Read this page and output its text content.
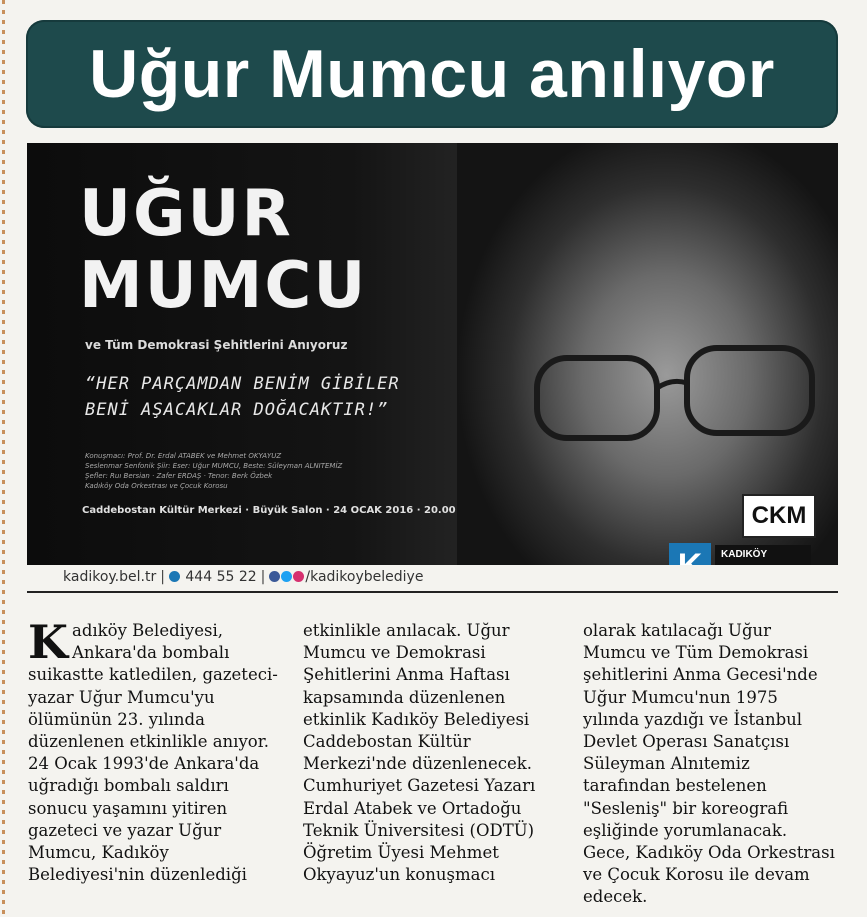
Uğur Mumcu anılıyor
UĞUR
MUMCU
ve Tüm Demokrasi Şehitlerini Anıyoruz
“HER PARÇAMDAN BENİM GİBİLER
BENİ AŞACAKLAR DOĞACAKTIR!”
Konuşmacı: Prof. Dr. Erdal ATABEK ve Mehmet OKYAYUZ
Seslenmar Senfonik Şiir: Eser: Uğur MUMCU, Beste: Süleyman ALNITEMİZ
Şefler: Ruı Bersian · Zafer ERDAŞ · Tenor: Berk Özbek
Kadıköy Oda Orkestrası ve Çocuk Korosu
Caddebostan Kültür Merkezi · Büyük Salon · 24 OCAK 2016 · 20.00	CKM
KADIKÖY
kadikoy.bel.tr | 444 55 22 |	/kadikoybelediye
Kadıköy Belediyesi, Ankara'da bombalı suikastte katledilen, gazeteci-yazar Uğur Mumcu'yu ölümünün 23. yılında düzenlenen etkinlikle anıyor. 24 Ocak 1993'de Ankara'da uğradığı bombalı saldırı sonucu yaşamını yitiren gazeteci ve yazar Uğur Mumcu, Kadıköy Belediyesi'nin düzenlediği
etkinlikle anılacak. Uğur Mumcu ve Demokrasi Şehitlerini Anma Haftası kapsamında düzenlenen etkinlik Kadıköy Belediyesi Caddebostan Kültür Merkezi'nde düzenlenecek. Cumhuriyet Gazetesi Yazarı Erdal Atabek ve Ortadoğu Teknik Üniversitesi (ODTÜ) Öğretim Üyesi Mehmet Okyayuz'un konuşmacı
olarak katılacağı Uğur Mumcu ve Tüm Demokrasi şehitlerini Anma Gecesi'nde Uğur Mumcu'nun 1975 yılında yazdığı ve İstanbul Devlet Operası Sanatçısı Süleyman Alnıtemiz tarafından bestelenen "Sesleniş" bir koreografi eşliğinde yorumlanacak. Gece, Kadıköy Oda Orkestrası ve Çocuk Korosu ile devam edecek.
